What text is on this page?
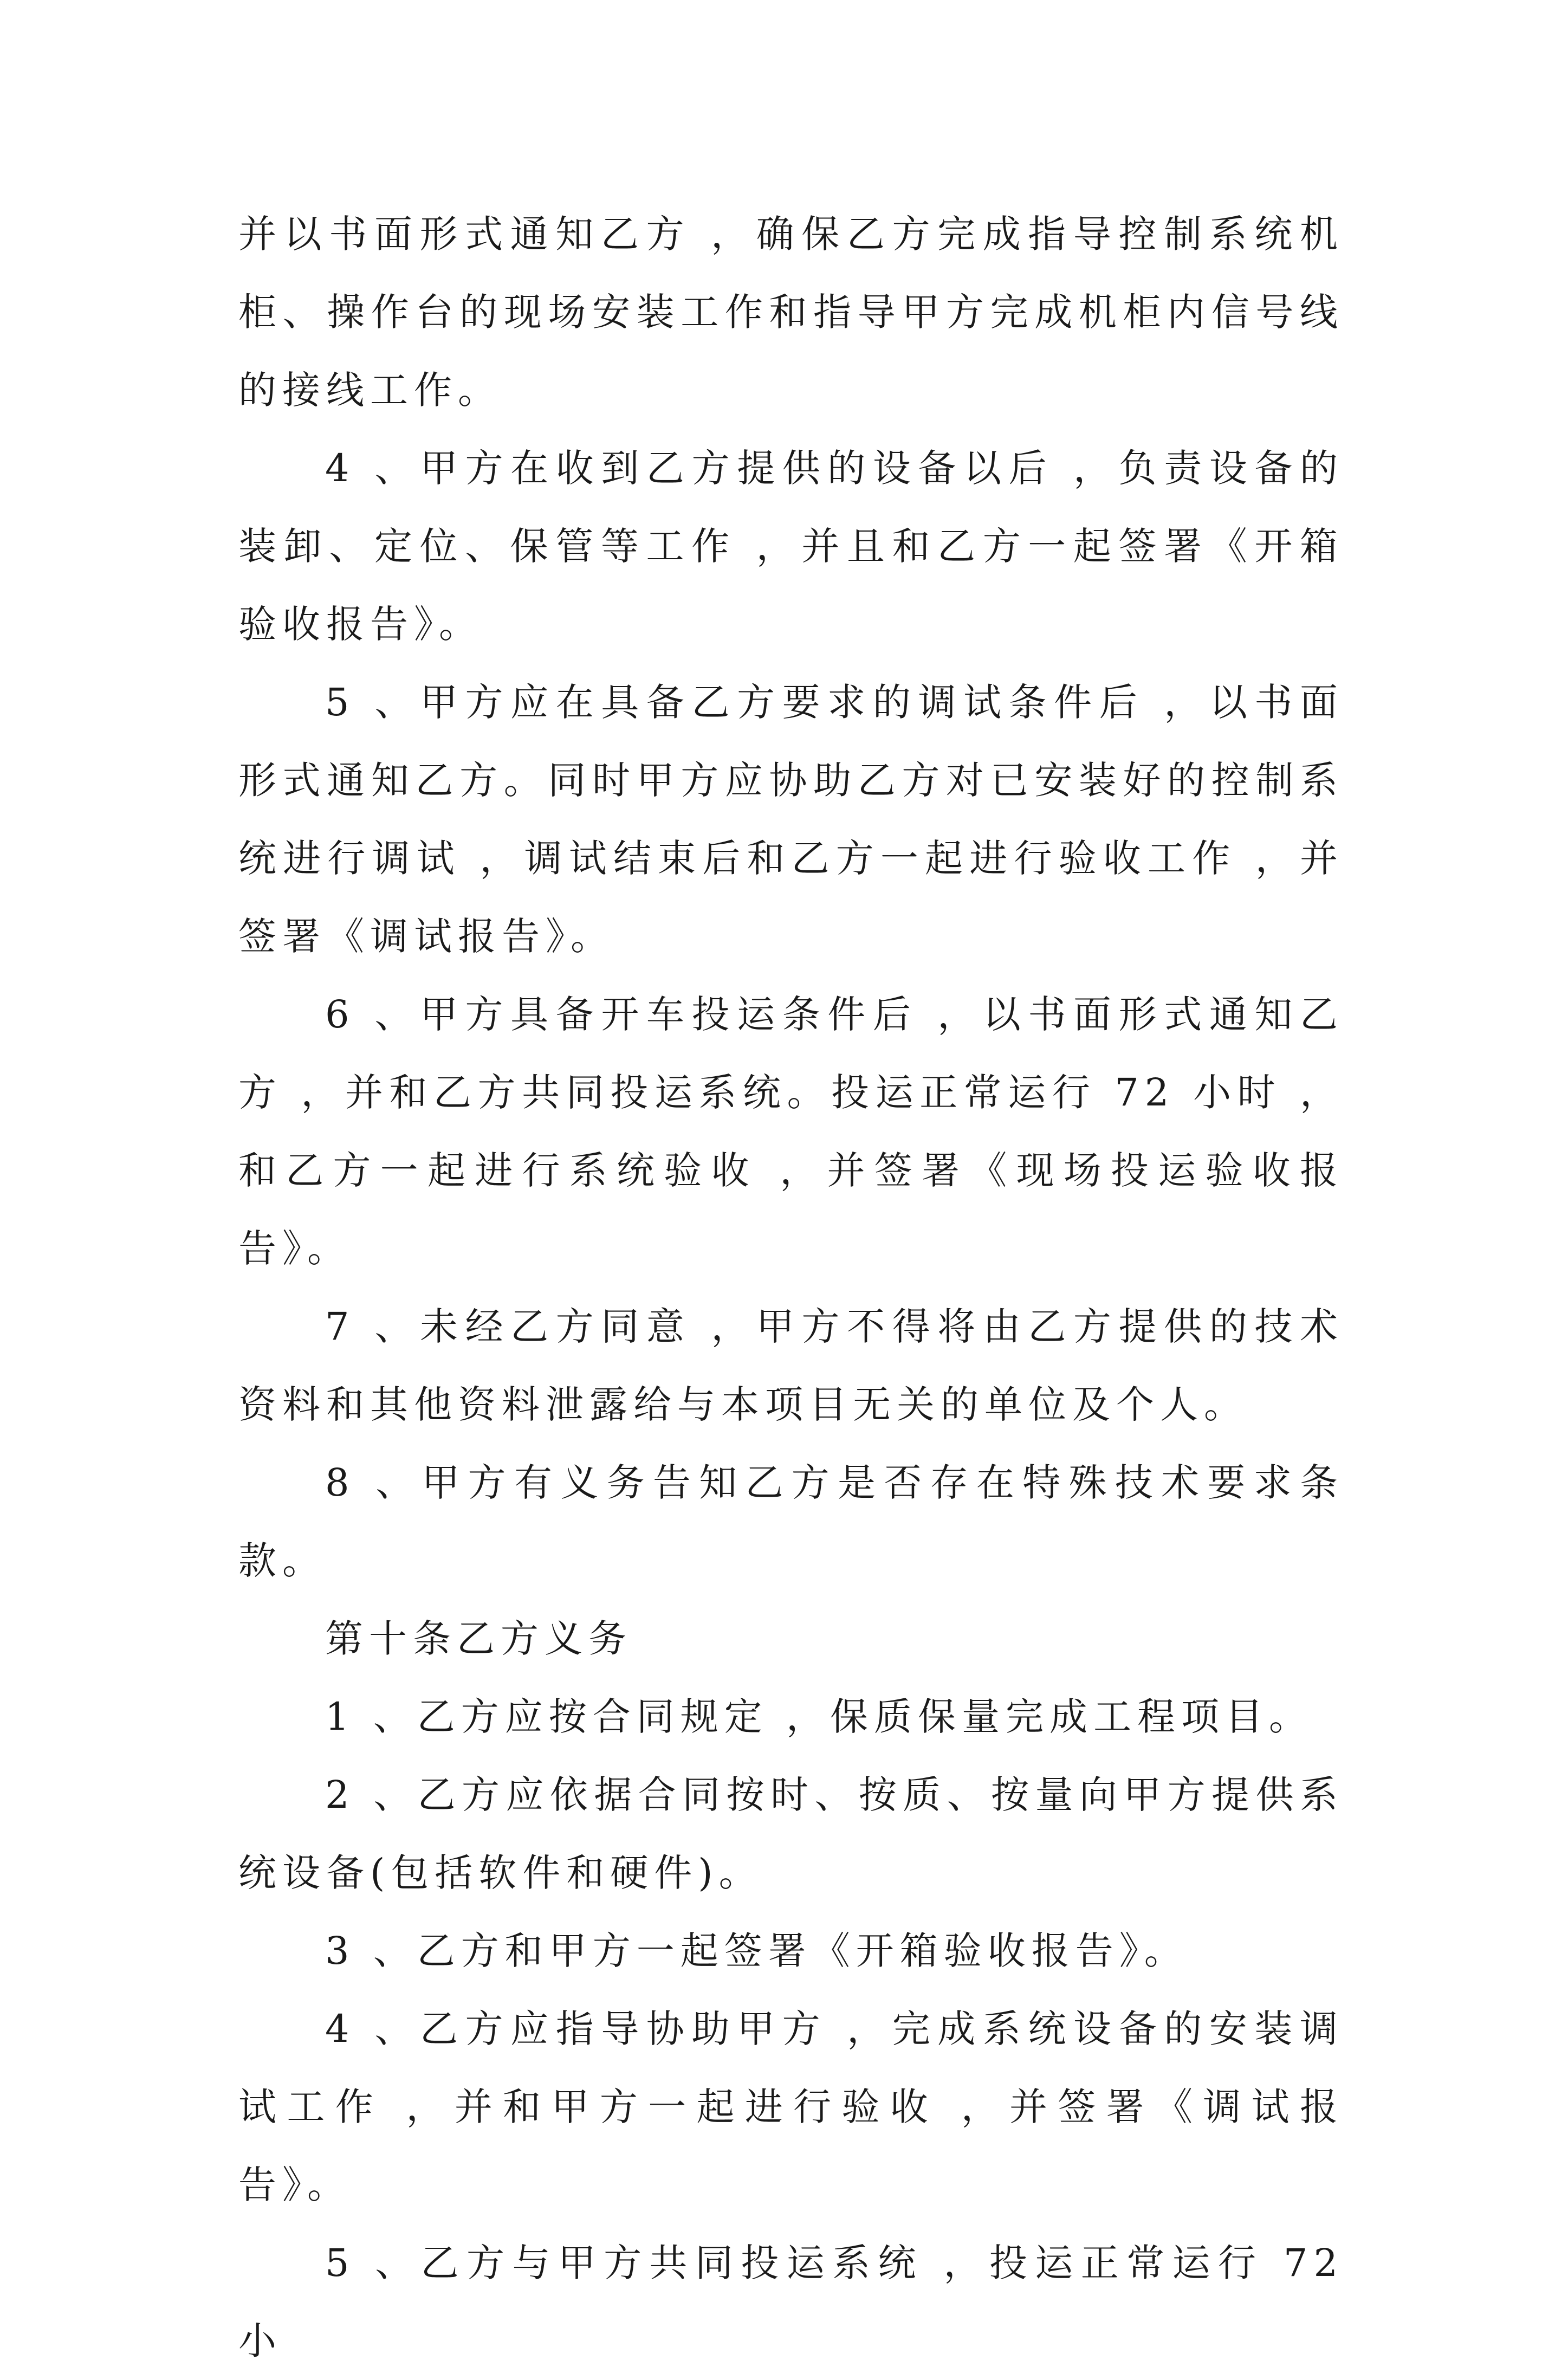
并以书面形式通知乙方 ，确保乙方完成指导控制系统机柜、操作台的现场安装工作和指导甲方完成机柜内信号线的接线工作。

4 、甲方在收到乙方提供的设备以后 ，负责设备的装卸、定位、保管等工作 ，并且和乙方一起签署《开箱验收报告》。

5 、甲方应在具备乙方要求的调试条件后 ，以书面形式通知乙方。同时甲方应协助乙方对已安装好的控制系统进行调试 ，调试结束后和乙方一起进行验收工作 ，并签署《调试报告》。

6 、甲方具备开车投运条件后 ，以书面形式通知乙方 ，并和乙方共同投运系统。投运正常运行 72 小时 ，和乙方一起进行系统验收 ，并签署《现场投运验收报告》。

7 、未经乙方同意 ，甲方不得将由乙方提供的技术资料和其他资料泄露给与本项目无关的单位及个人。

8 、甲方有义务告知乙方是否存在特殊技术要求条款。

第十条乙方义务

1 、乙方应按合同规定 ，保质保量完成工程项目。

2 、乙方应依据合同按时、按质、按量向甲方提供系统设备(包括软件和硬件)。

3 、乙方和甲方一起签署《开箱验收报告》。

4 、乙方应指导协助甲方 ，完成系统设备的安装调试工作 ，并和甲方一起进行验收 ，并签署《调试报告》。

5 、乙方与甲方共同投运系统 ，投运正常运行 72 小
